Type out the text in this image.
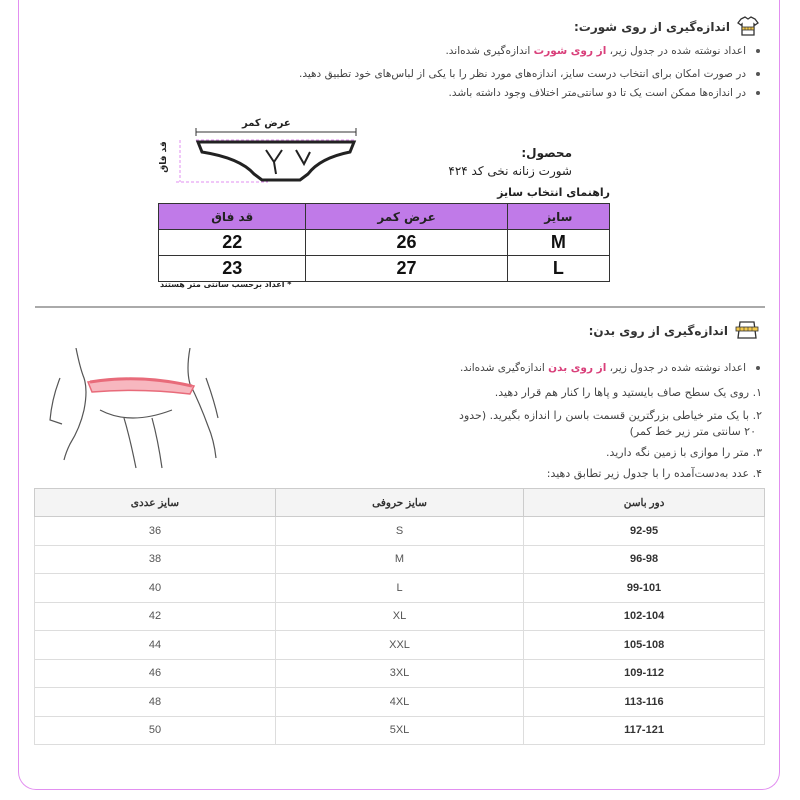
اندازه‌گیری از روی شورت:
اعداد نوشته شده در جدول زیر، از روی شورت اندازه‌گیری شده‌اند.
در صورت امکان برای انتخاب درست سایز، اندازه‌های مورد نظر را با یکی از لباس‌های خود تطبیق دهید.
در اندازه‌ها ممکن است یک تا دو سانتی‌متر اختلاف وجود داشته باشد.
عرض کمر
قد فاق	محصول:
شورت زنانه نخی کد ۴۲۴
راهنمای انتخاب سایز
* اعداد برحسب سانتی متر هستند
سایز	عرض کمر	قد فاق
M	26	22
L	27	23
اندازه‌گیری از روی بدن:
اعداد نوشته شده در جدول زیر، از روی بدن اندازه‌گیری شده‌اند.
۱. روی یک سطح صاف بایستید و پاها را کنار هم قرار دهید.
۲. با یک متر خیاطی بزرگترین قسمت باسن را اندازه بگیرید. (حدود
۲۰ سانتی متر زیر خط کمر)
۳. متر را موازی با زمین نگه دارید.
۴. عدد به‌دست‌آمده را با جدول زیر تطابق دهید:
دور باسن	سایز حروفی	سایز عددی
92-95	S	36
96-98	M	38
99-101	L	40
102-104	XL	42
105-108	XXL	44
109-112	3XL	46
113-116	4XL	48
117-121	5XL	50
